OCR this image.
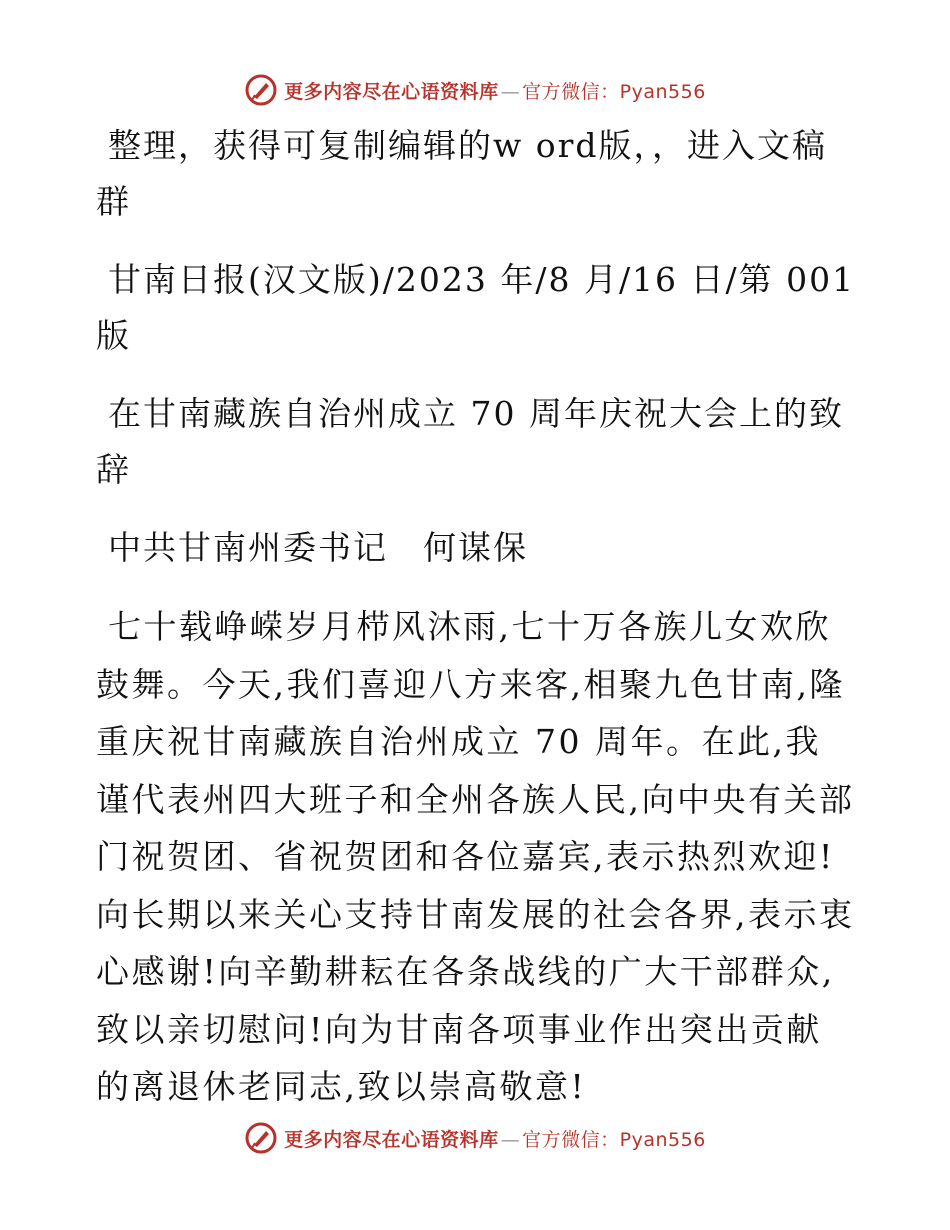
更多内容尽在心语资料库 — 官方微信：Pyan556

整理，获得可复制编辑的w ord版，，进入文稿群

甘南日报(汉文版)/2023 年/8 月/16 日/第 001 版

在甘南藏族自治州成立 70 周年庆祝大会上的致辞

中共甘南州委书记　何谋保

七十载峥嵘岁月栉风沐雨,七十万各族儿女欢欣鼓舞。今天,我们喜迎八方来客,相聚九色甘南,隆重庆祝甘南藏族自治州成立 70 周年。在此,我谨代表州四大班子和全州各族人民,向中央有关部门祝贺团、省祝贺团和各位嘉宾,表示热烈欢迎!向长期以来关心支持甘南发展的社会各界,表示衷心感谢!向辛勤耕耘在各条战线的广大干部群众,致以亲切慰问!向为甘南各项事业作出突出贡献的离退休老同志,致以崇高敬意!

更多内容尽在心语资料库 — 官方微信：Pyan556
